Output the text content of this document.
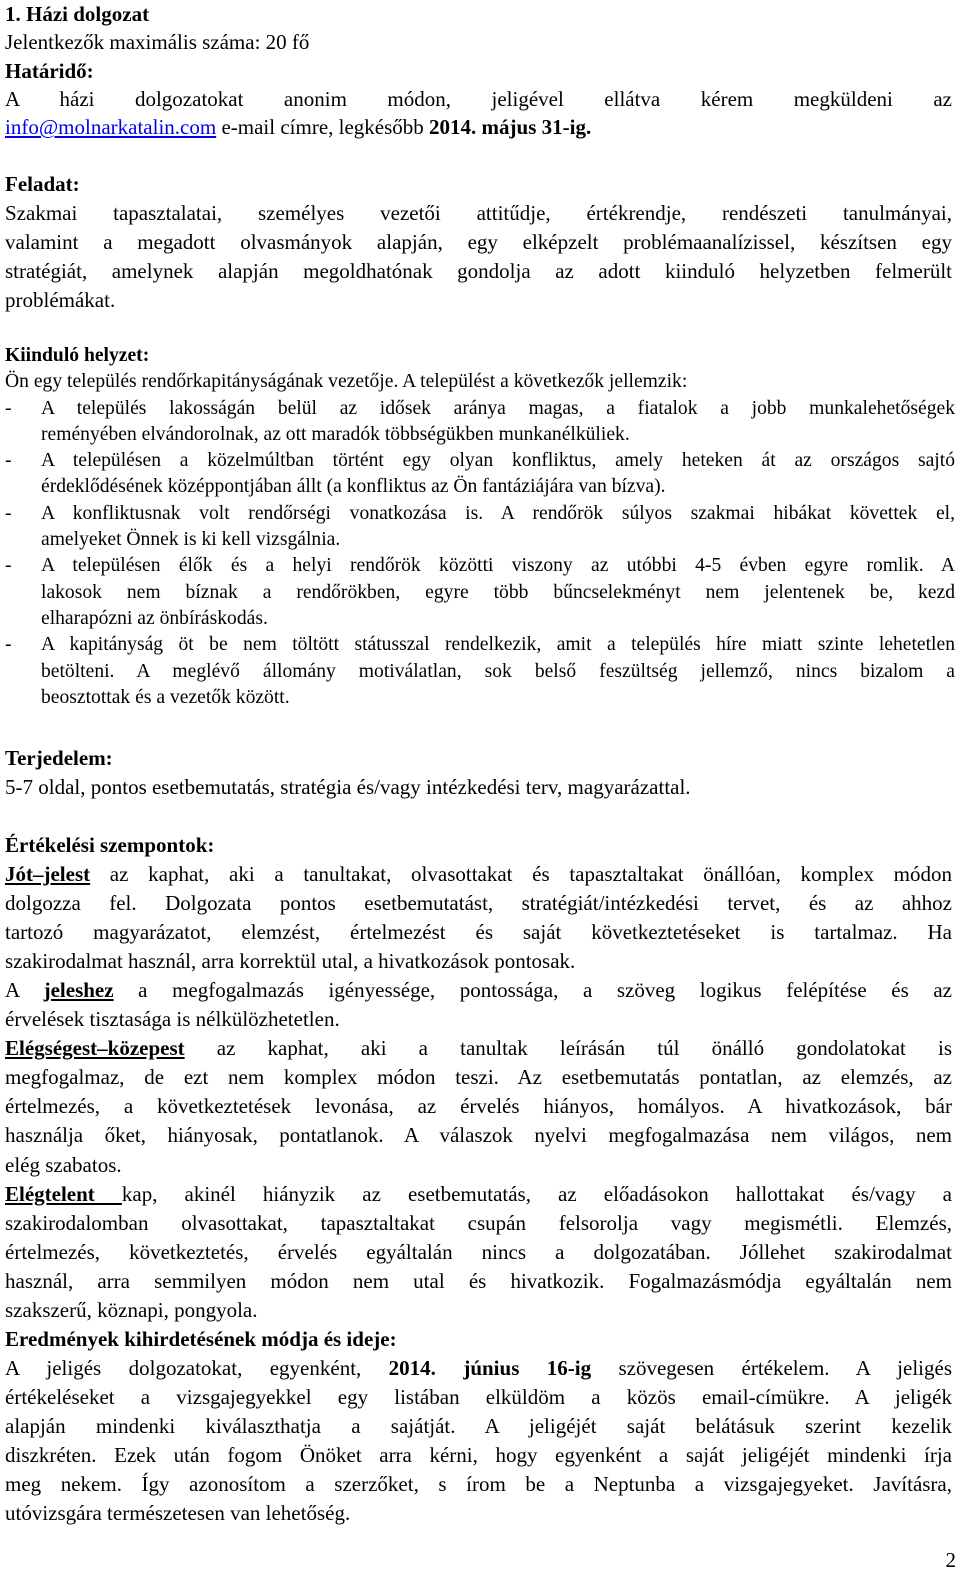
1. Házi dolgozat
Jelentkezők maximális száma: 20 fő
Határidő:
A házi dolgozatokat anonim módon, jeligével ellátva kérem megküldeni az
info@molnarkatalin.com e-mail címre, legkésőbb 2014. május 31-ig.
Feladat:
Szakmai tapasztalatai, személyes vezetői attitűdje, értékrendje, rendészeti tanulmányai,
valamint a megadott olvasmányok alapján, egy elképzelt problémaanalízissel, készítsen egy
stratégiát, amelynek alapján megoldhatónak gondolja az adott kiinduló helyzetben felmerült
problémákat.
Kiinduló helyzet:
Ön egy település rendőrkapitányságának vezetője. A települést a következők jellemzik:
- A település lakosságán belül az idősek aránya magas, a fiatalok a jobb munkalehetőségek
reményében elvándorolnak, az ott maradók többségükben munkanélküliek.
- A településen a közelmúltban történt egy olyan konfliktus, amely heteken át az országos sajtó
érdeklődésének középpontjában állt (a konfliktus az Ön fantáziájára van bízva).
- A konfliktusnak volt rendőrségi vonatkozása is. A rendőrök súlyos szakmai hibákat követtek el,
amelyeket Önnek is ki kell vizsgálnia.
- A településen élők és a helyi rendőrök közötti viszony az utóbbi 4-5 évben egyre romlik. A
lakosok nem bíznak a rendőrökben, egyre több bűncselekményt nem jelentenek be, kezd
elharapózni az önbíráskodás.
- A kapitányság öt be nem töltött státusszal rendelkezik, amit a település híre miatt szinte lehetetlen
betölteni. A meglévő állomány motiválatlan, sok belső feszültség jellemző, nincs bizalom a
beosztottak és a vezetők között.
Terjedelem:
5-7 oldal, pontos esetbemutatás, stratégia és/vagy intézkedési terv, magyarázattal.
Értékelési szempontok:
Jót–jelest az kaphat, aki a tanultakat, olvasottakat és tapasztaltakat önállóan, komplex módon
dolgozza fel. Dolgozata pontos esetbemutatást, stratégiát/intézkedési tervet, és az ahhoz
tartozó magyarázatot, elemzést, értelmezést és saját következtetéseket is tartalmaz. Ha
szakirodalmat használ, arra korrektül utal, a hivatkozások pontosak.
A jeleshez a megfogalmazás igényessége, pontossága, a szöveg logikus felépítése és az
érvelések tisztasága is nélkülözhetetlen.
Elégségest–közepest az kaphat, aki a tanultak leírásán túl önálló gondolatokat is
megfogalmaz, de ezt nem komplex módon teszi. Az esetbemutatás pontatlan, az elemzés, az
értelmezés, a következtetések levonása, az érvelés hiányos, homályos. A hivatkozások, bár
használja őket, hiányosak, pontatlanok. A válaszok nyelvi megfogalmazása nem világos, nem
elég szabatos.
Elégtelent kap, akinél hiányzik az esetbemutatás, az előadásokon hallottakat és/vagy a
szakirodalomban olvasottakat, tapasztaltakat csupán felsorolja vagy megismétli. Elemzés,
értelmezés, következtetés, érvelés egyáltalán nincs a dolgozatában. Jóllehet szakirodalmat
használ, arra semmilyen módon nem utal és hivatkozik. Fogalmazásmódja egyáltalán nem
szakszerű, köznapi, pongyola.
Eredmények kihirdetésének módja és ideje:
A jeligés dolgozatokat, egyenként, 2014. június 16-ig szövegesen értékelem. A jeligés
értékeléseket a vizsgajegyekkel egy listában elküldöm a közös email-címükre. A jeligék
alapján mindenki kiválaszthatja a sajátját. A jeligéjét saját belátásuk szerint kezelik
diszkréten. Ezek után fogom Önöket arra kérni, hogy egyenként a saját jeligéjét mindenki írja
meg nekem. Így azonosítom a szerzőket, s írom be a Neptunba a vizsgajegyeket. Javításra,
utóvizsgára természetesen van lehetőség.
2
